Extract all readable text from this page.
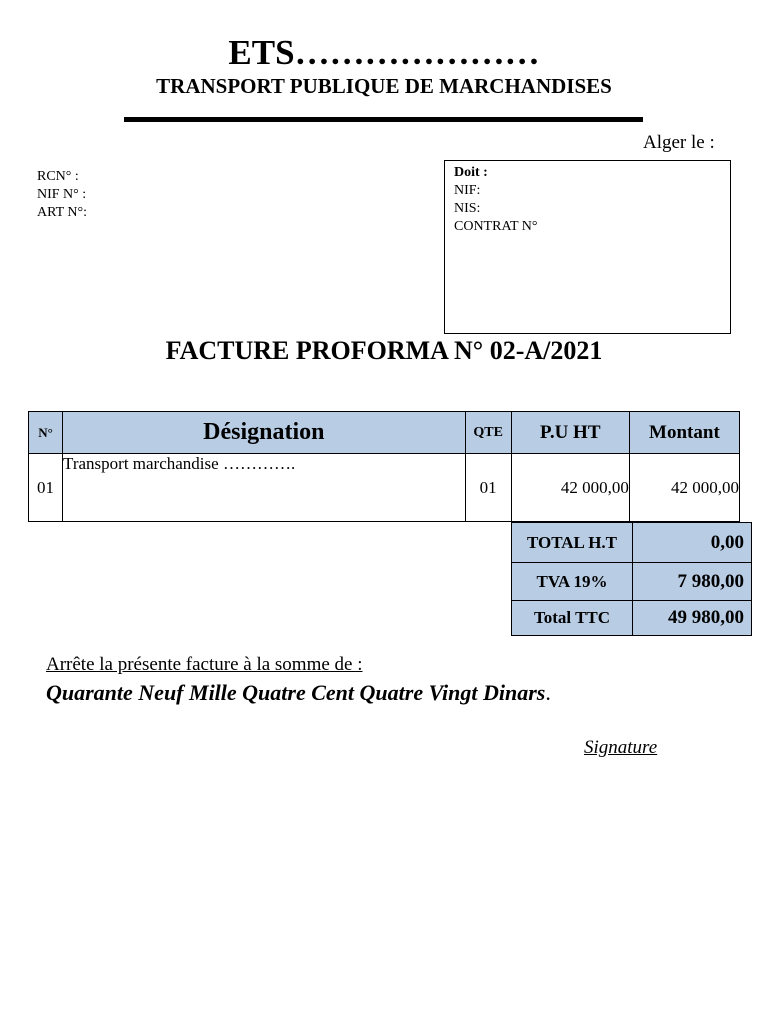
ETS…………………
TRANSPORT PUBLIQUE DE MARCHANDISES
Alger le :
RCN° :
NIF N° :
ART N°:
Doit :
NIF:
NIS:
CONTRAT N°
FACTURE PROFORMA N° 02-A/2021
N°	Désignation	QTE	P.U HT	Montant
01	Transport marchandise ………….	01	42 000,00	42 000,00
TOTAL H.T	0,00
TVA 19%	7 980,00
Total TTC	49 980,00
Arrête la présente facture à la somme de :
Quarante Neuf Mille Quatre Cent Quatre Vingt Dinars.
Signature
